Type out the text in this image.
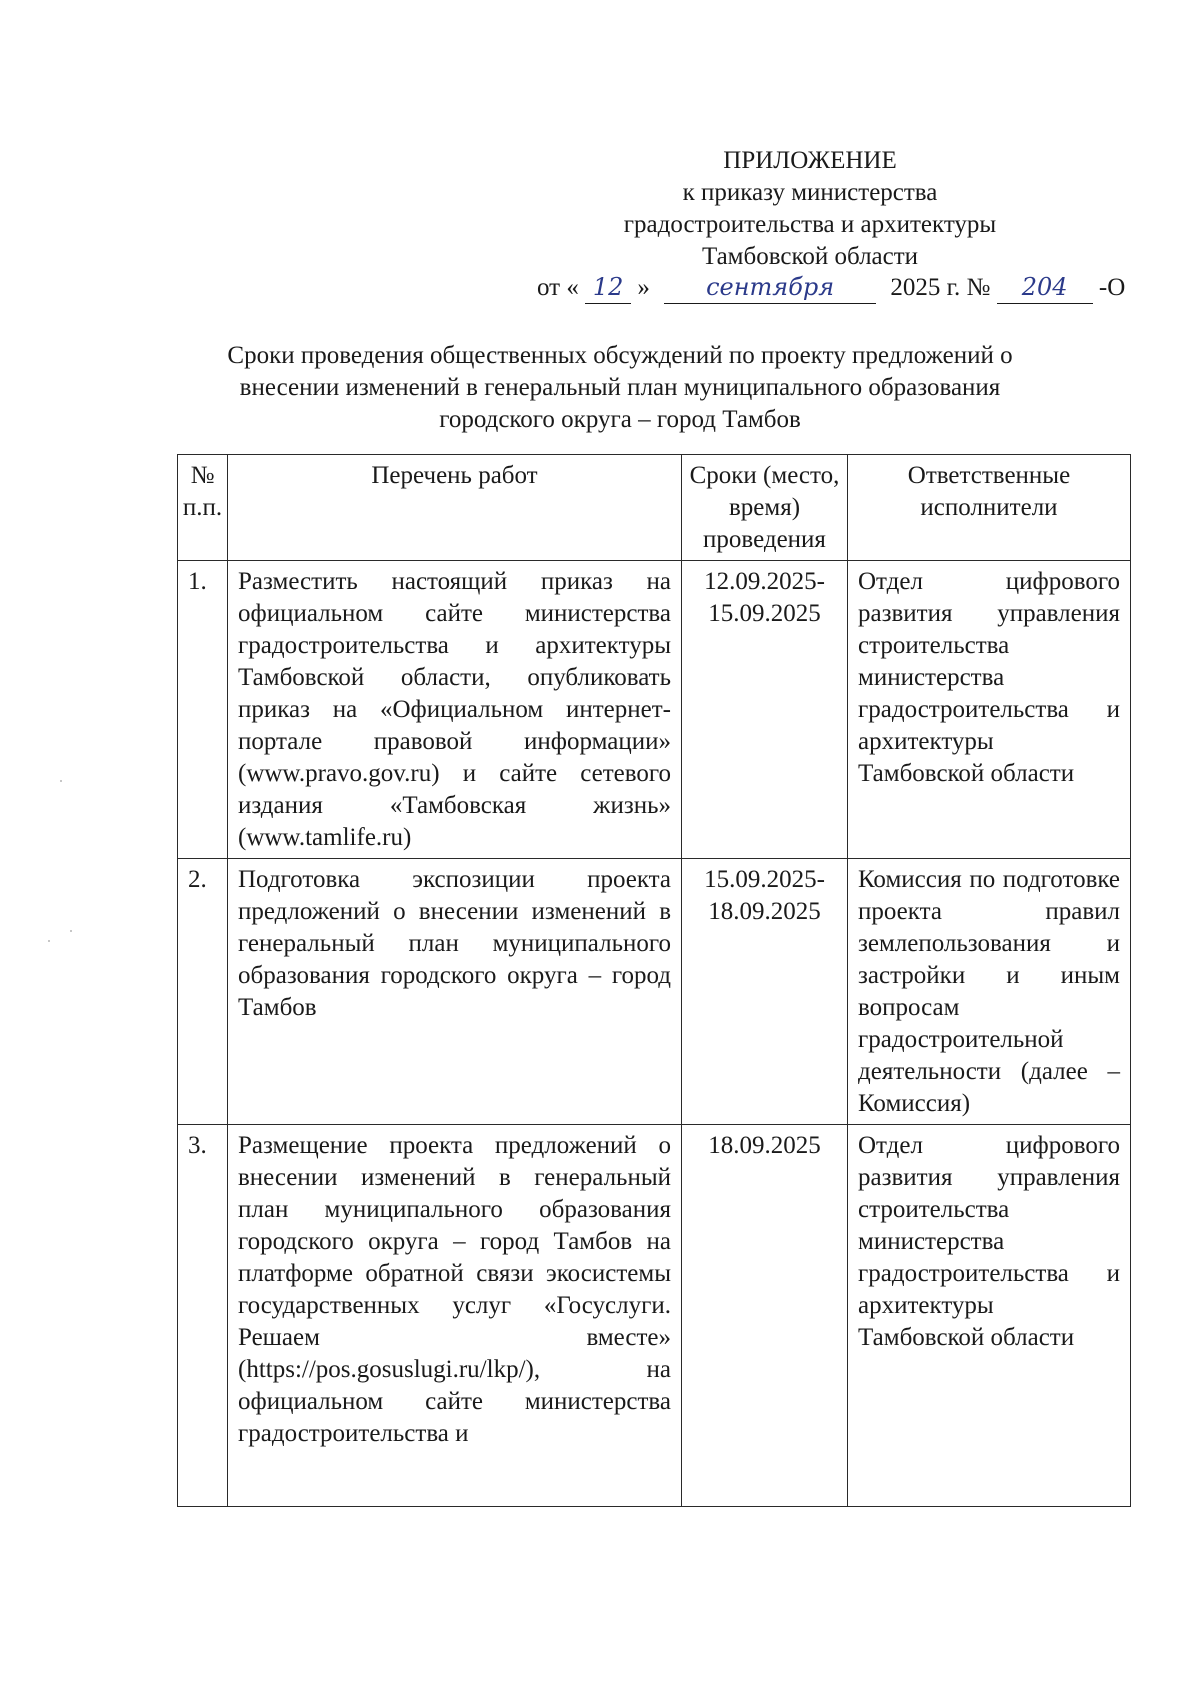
ПРИЛОЖЕНИЕ
к приказу министерства
градостроительства и архитектуры
Тамбовской области
от « 12 » сентября 2025 г. № 204 -О
Сроки проведения общественных обсуждений по проекту предложений о
внесении изменений в генеральный план муниципального образования
городского округа – город Тамбов
№ п.п.	Перечень работ	Сроки (место, время) проведения	Ответственные исполнители
1.	Разместить настоящий приказ на официальном сайте министерства градостроительства и архитектуры Тамбовской области, опубликовать приказ на «Официальном интернет-портале правовой информации» (www.pravo.gov.ru) и сайте сетевого издания «Тамбовская жизнь» (www.tamlife.ru)	12.09.2025-15.09.2025	Отдел цифрового развития управления строительства министерства градостроительства и архитектуры Тамбовской области
2.	Подготовка экспозиции проекта предложений о внесении изменений в генеральный план муниципального образования городского округа – город Тамбов	15.09.2025-18.09.2025	Комиссия по подготовке проекта правил землепользования и застройки и иным вопросам градостроительной деятельности (далее – Комиссия)
3.	Размещение проекта предложений о внесении изменений в генеральный план муниципального образования городского округа – город Тамбов на платформе обратной связи экосистемы государственных услуг «Госуслуги. Решаем вместе» (https://pos.gosuslugi.ru/lkp/), на официальном сайте министерства градостроительства и	18.09.2025	Отдел цифрового развития управления строительства министерства градостроительства и архитектуры Тамбовской области
